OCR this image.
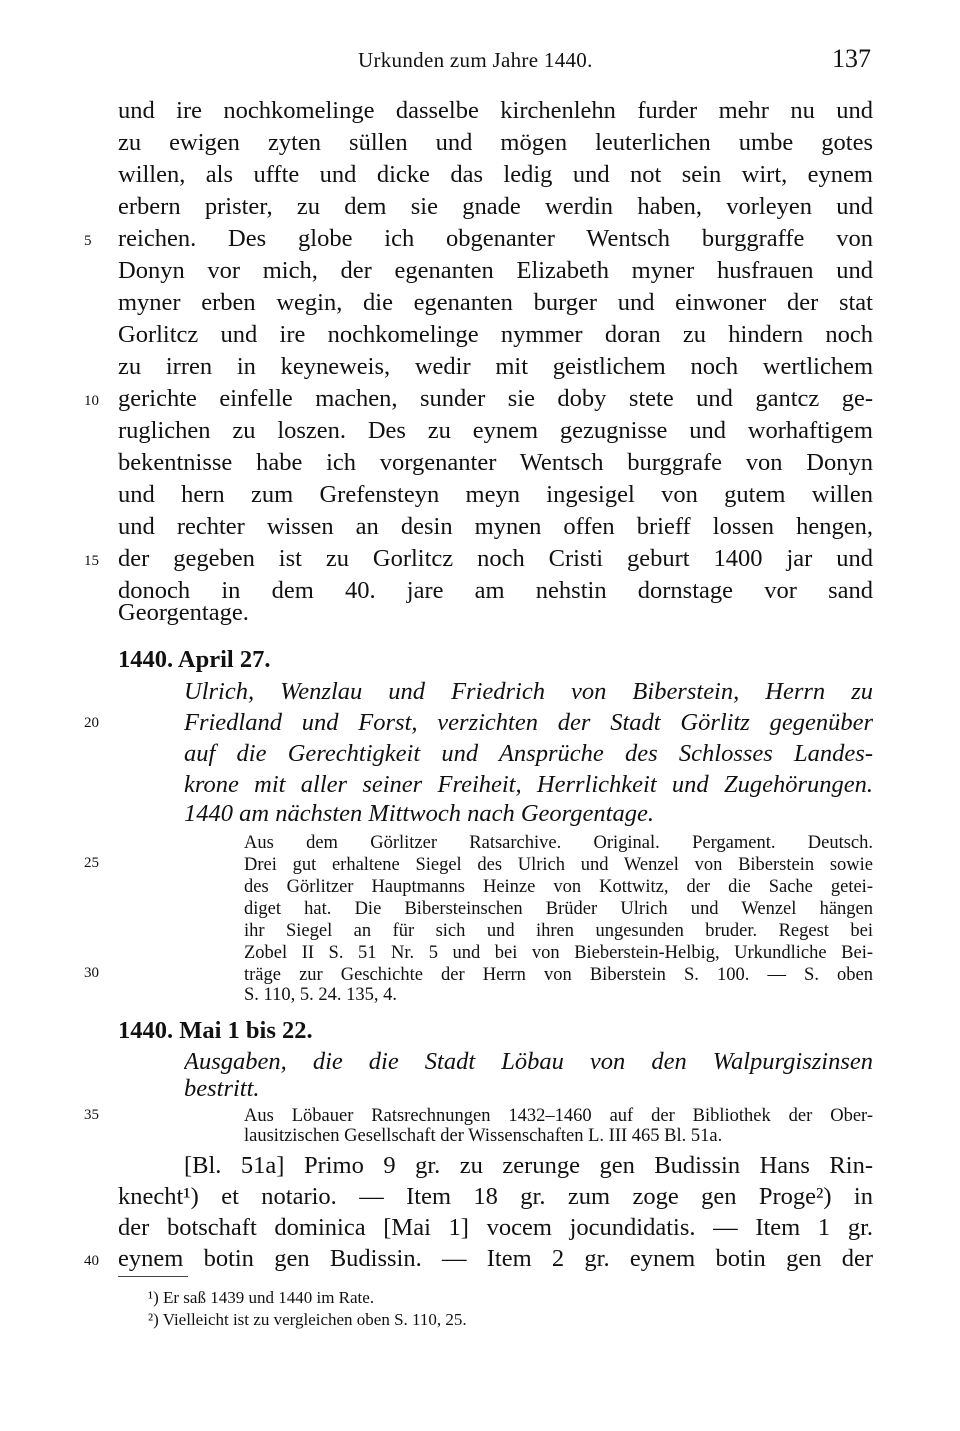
Urkunden zum Jahre 1440.	137
und ire nochkomelinge dasselbe kirchenlehn furder mehr nu und
zu ewigen zyten süllen und mögen leuterlichen umbe gotes
willen, als uffte und dicke das ledig und not sein wirt, eynem
erbern prister, zu dem sie gnade werdin haben, vorleyen und
reichen. Des globe ich obgenanter Wentsch burggraffe von
Donyn vor mich, der egenanten Elizabeth myner husfrauen und
myner erben wegin, die egenanten burger und einwoner der stat
Gorlitcz und ire nochkomelinge nymmer doran zu hindern noch
zu irren in keyneweis, wedir mit geistlichem noch wertlichem
gerichte einfelle machen, sunder sie doby stete und gantcz ge-
ruglichen zu loszen. Des zu eynem gezugnisse und worhaftigem
bekentnisse habe ich vorgenanter Wentsch burggrafe von Donyn
und hern zum Grefensteyn meyn ingesigel von gutem willen
und rechter wissen an desin mynen offen brieff lossen hengen,
der gegeben ist zu Gorlitcz noch Cristi geburt 1400 jar und
donoch in dem 40. jare am nehstin dornstage vor sand
Georgentage.
1440. April 27.
Ulrich, Wenzlau und Friedrich von Biberstein, Herrn zu
Friedland und Forst, verzichten der Stadt Görlitz gegenüber
auf die Gerechtigkeit und Ansprüche des Schlosses Landes-
krone mit aller seiner Freiheit, Herrlichkeit und Zugehörungen.
1440 am nächsten Mittwoch nach Georgentage.
Aus dem Görlitzer Ratsarchive. Original. Pergament. Deutsch.
Drei gut erhaltene Siegel des Ulrich und Wenzel von Biberstein sowie
des Görlitzer Hauptmanns Heinze von Kottwitz, der die Sache getei-
diget hat. Die Bibersteinschen Brüder Ulrich und Wenzel hängen
ihr Siegel an für sich und ihren ungesunden bruder. Regest bei
Zobel II S. 51 Nr. 5 und bei von Bieberstein-Helbig, Urkundliche Bei-
träge zur Geschichte der Herrn von Biberstein S. 100. — S. oben
S. 110, 5. 24. 135, 4.
1440. Mai 1 bis 22.
Ausgaben, die die Stadt Löbau von den Walpurgiszinsen
bestritt.
Aus Löbauer Ratsrechnungen 1432–1460 auf der Bibliothek der Ober-
lausitzischen Gesellschaft der Wissenschaften L. III 465 Bl. 51a.
[Bl. 51a] Primo 9 gr. zu zerunge gen Budissin Hans Rin-
knecht¹) et notario. — Item 18 gr. zum zoge gen Proge²) in
der botschaft dominica [Mai 1] vocem jocundidatis. — Item 1 gr.
eynem botin gen Budissin. — Item 2 gr. eynem botin gen der
5
10
15
20
25
30
35
40
¹) Er saß 1439 und 1440 im Rate.
²) Vielleicht ist zu vergleichen oben S. 110, 25.
